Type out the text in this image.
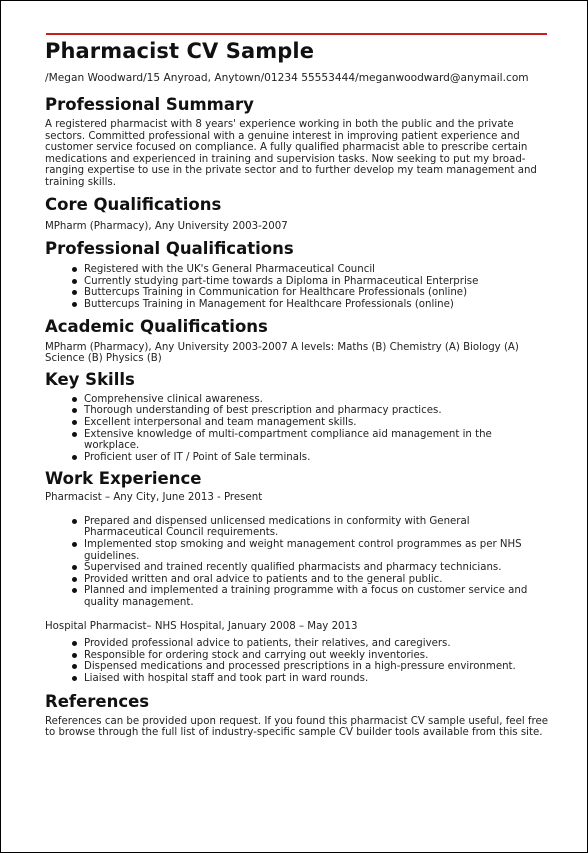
Pharmacist CV Sample
/Megan Woodward/15 Anyroad, Anytown/01234 55553444/meganwoodward@anymail.com
Professional Summary

A registered pharmacist with 8 years' experience working in both the public and the private sectors. Committed professional with a genuine interest in improving patient experience and customer service focused on compliance. A fully qualified pharmacist able to prescribe certain medications and experienced in training and supervision tasks. Now seeking to put my broad-ranging expertise to use in the private sector and to further develop my team management and training skills.

Core Qualifications

MPharm (Pharmacy), Any University 2003-2007

Professional Qualifications
Registered with the UK's General Pharmaceutical Council
Currently studying part-time towards a Diploma in Pharmaceutical Enterprise
Buttercups Training in Communication for Healthcare Professionals (online)
Buttercups Training in Management for Healthcare Professionals (online)
Academic Qualifications

MPharm (Pharmacy), Any University 2003-2007 A levels: Maths (B) Chemistry (A) Biology (A) Science (B) Physics (B)

Key Skills
Comprehensive clinical awareness.
Thorough understanding of best prescription and pharmacy practices.
Excellent interpersonal and team management skills.
Extensive knowledge of multi-compartment compliance aid management in the workplace.
Proficient user of IT / Point of Sale terminals.
Work Experience
Pharmacist – Any City, June 2013 - Present
Prepared and dispensed unlicensed medications in conformity with General Pharmaceutical Council requirements.
Implemented stop smoking and weight management control programmes as per NHS guidelines.
Supervised and trained recently qualified pharmacists and pharmacy technicians.
Provided written and oral advice to patients and to the general public.
Planned and implemented a training programme with a focus on customer service and quality management.
Hospital Pharmacist– NHS Hospital, January 2008 – May 2013
Provided professional advice to patients, their relatives, and caregivers.
Responsible for ordering stock and carrying out weekly inventories.
Dispensed medications and processed prescriptions in a high-pressure environment.
Liaised with hospital staff and took part in ward rounds.
References

References can be provided upon request. If you found this pharmacist CV sample useful, feel free to browse through the full list of industry-specific sample CV builder tools available from this site.
